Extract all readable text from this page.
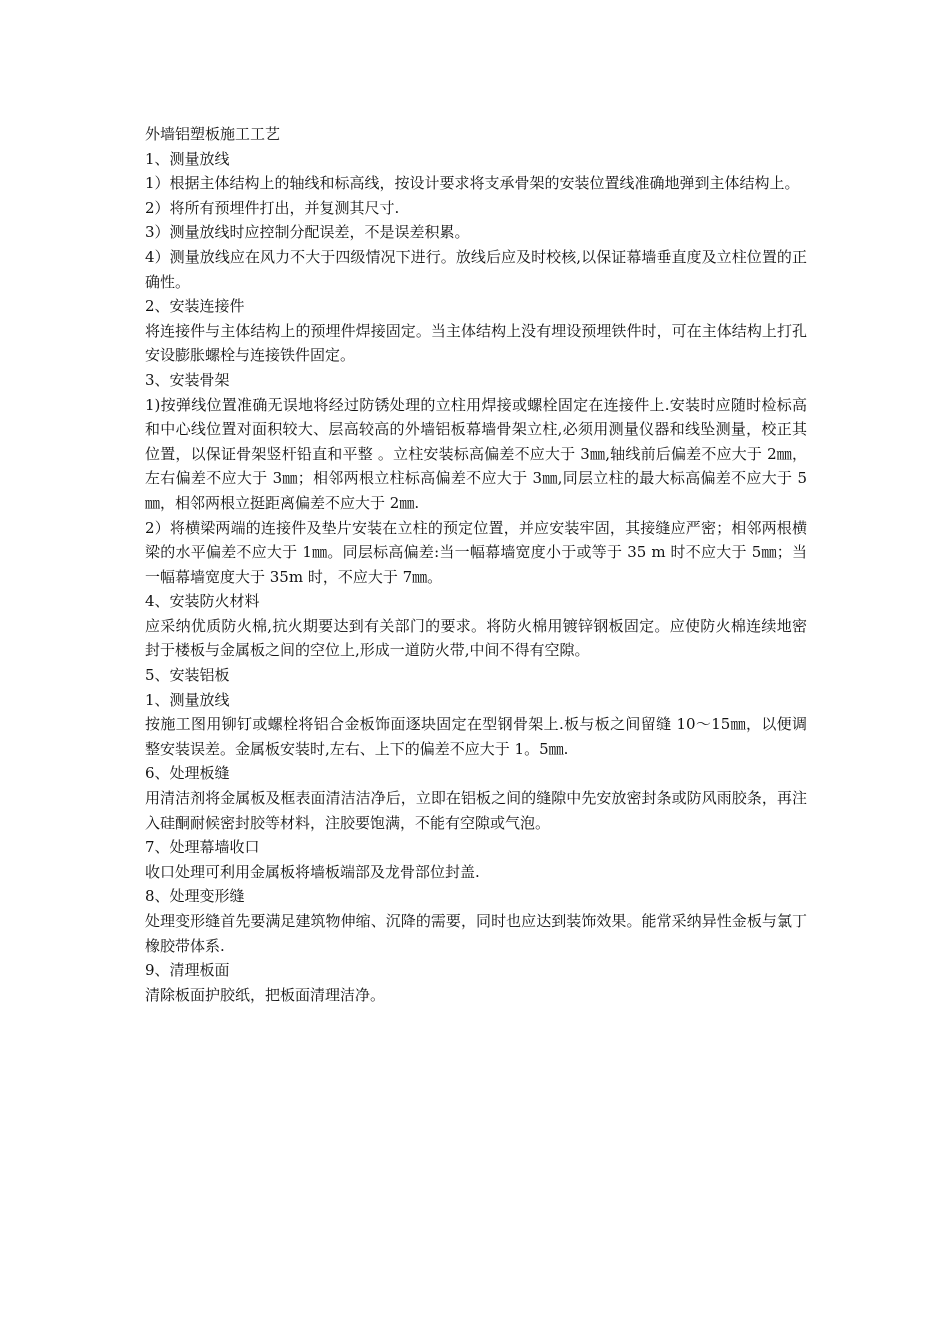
外墙铝塑板施工工艺

1、测量放线

1）根据主体结构上的轴线和标高线，按设计要求将支承骨架的安装位置线准确地弹到主体结构上。

2）将所有预埋件打出，并复测其尺寸.

3）测量放线时应控制分配误差，不是误差积累。

4）测量放线应在风力不大于四级情况下进行。放线后应及时校核,以保证幕墙垂直度及立柱位置的正确性。

2、安装连接件

将连接件与主体结构上的预埋件焊接固定。当主体结构上没有埋设预埋铁件时，可在主体结构上打孔安设膨胀螺栓与连接铁件固定。

3、安装骨架

1)按弹线位置准确无误地将经过防锈处理的立柱用焊接或螺栓固定在连接件上.安装时应随时检标高和中心线位置对面积较大、层高较高的外墙铝板幕墙骨架立柱,必须用测量仪器和线坠测量，校正其位置，以保证骨架竖杆铅直和平整 。立柱安装标高偏差不应大于 3㎜,轴线前后偏差不应大于 2㎜，左右偏差不应大于 3㎜；相邻两根立柱标高偏差不应大于 3㎜,同层立柱的最大标高偏差不应大于 5㎜，相邻两根立挺距离偏差不应大于 2㎜.

2）将横梁两端的连接件及垫片安装在立柱的预定位置，并应安装牢固，其接缝应严密；相邻两根横梁的水平偏差不应大于 1㎜。同层标高偏差:当一幅幕墙宽度小于或等于 35 m 时不应大于 5㎜；当一幅幕墙宽度大于 35m 时，不应大于 7㎜。

4、安装防火材料

应采纳优质防火棉,抗火期要达到有关部门的要求。将防火棉用镀锌钢板固定。应使防火棉连续地密封于楼板与金属板之间的空位上,形成一道防火带,中间不得有空隙。

5、安装铝板

1、测量放线

按施工图用铆钉或螺栓将铝合金板饰面逐块固定在型钢骨架上.板与板之间留缝 10～15㎜，以便调整安装误差。金属板安装时,左右、上下的偏差不应大于 1。5㎜.

6、处理板缝

用清洁剂将金属板及框表面清洁洁净后，立即在铝板之间的缝隙中先安放密封条或防风雨胶条，再注入硅酮耐候密封胶等材料，注胶要饱满，不能有空隙或气泡。

7、处理幕墙收口

收口处理可利用金属板将墙板端部及龙骨部位封盖.

8、处理变形缝

处理变形缝首先要满足建筑物伸缩、沉降的需要，同时也应达到装饰效果。能常采纳异性金板与氯丁橡胶带体系.

9、清理板面

清除板面护胶纸，把板面清理洁净。
